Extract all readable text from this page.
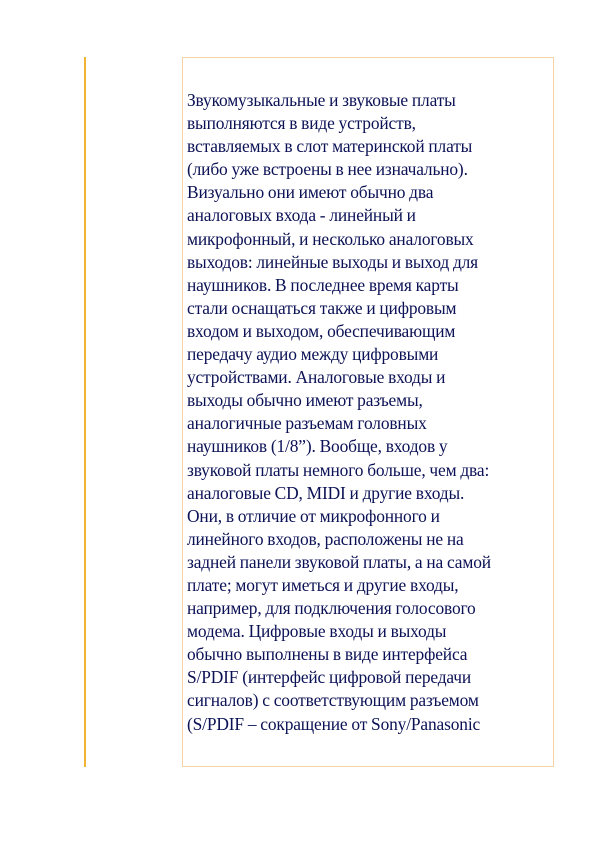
Звукомузыкальные и звуковые платы
выполняются в виде устройств,
вставляемых в слот материнской платы
(либо уже встроены в нее изначально).
Визуально они имеют обычно два
аналоговых входа - линейный и
микрофонный, и несколько аналоговых
выходов: линейные выходы и выход для
наушников. В последнее время карты
стали оснащаться также и цифровым
входом и выходом, обеспечивающим
передачу аудио между цифровыми
устройствами. Аналоговые входы и
выходы обычно имеют разъемы,
аналогичные разъемам головных
наушников (1/8”). Вообще, входов у
звуковой платы немного больше, чем два:
аналоговые CD, MIDI и другие входы.
Они, в отличие от микрофонного и
линейного входов, расположены не на
задней панели звуковой платы, а на самой
плате; могут иметься и другие входы,
например, для подключения голосового
модема. Цифровые входы и выходы
обычно выполнены в виде интерфейса
S/PDIF (интерфейс цифровой передачи
сигналов) с соответствующим разъемом
(S/PDIF – сокращение от Sony/Panasonic
